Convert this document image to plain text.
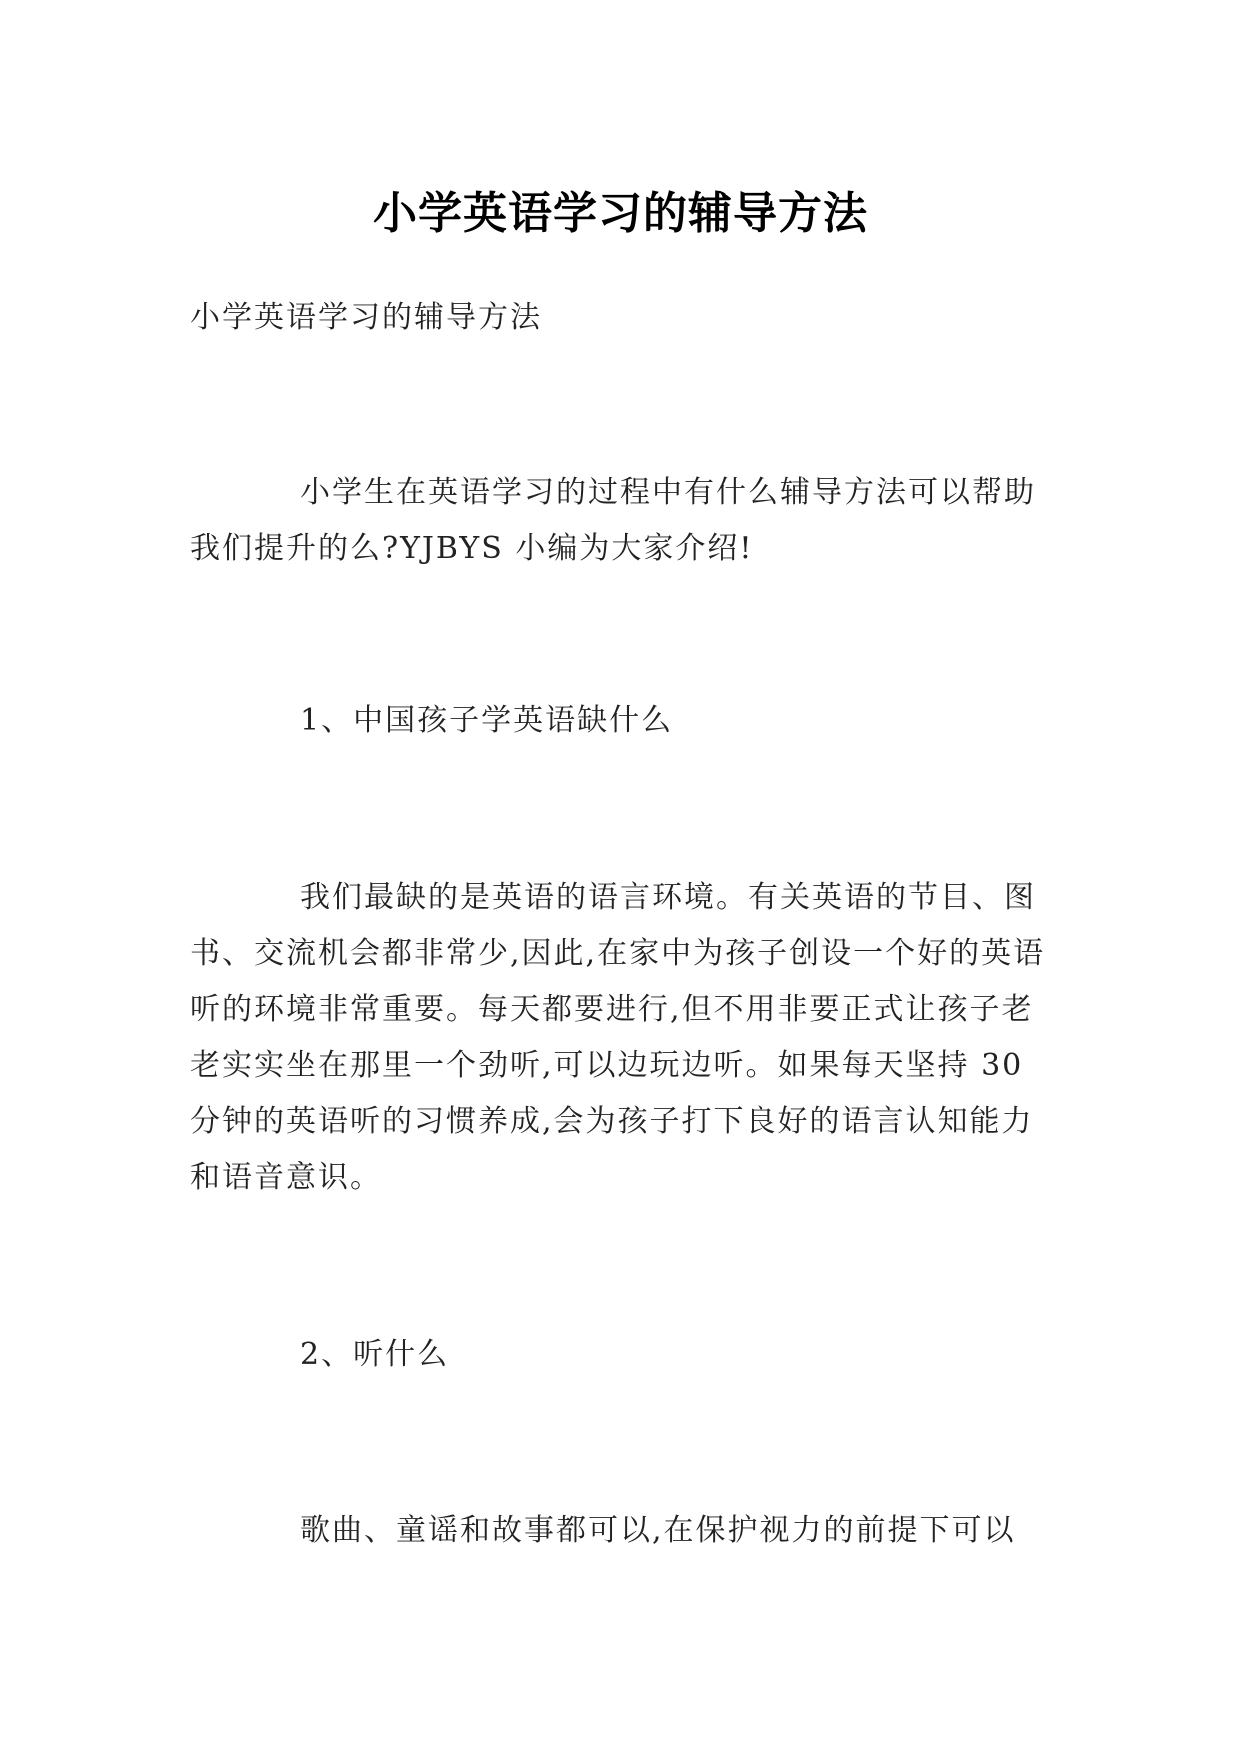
小学英语学习的辅导方法

小学英语学习的辅导方法

小学生在英语学习的过程中有什么辅导方法可以帮助我们提升的么?YJBYS 小编为大家介绍!

1、中国孩子学英语缺什么

我们最缺的是英语的语言环境。有关英语的节目、图书、交流机会都非常少,因此,在家中为孩子创设一个好的英语听的环境非常重要。每天都要进行,但不用非要正式让孩子老老实实坐在那里一个劲听,可以边玩边听。如果每天坚持 30 分钟的英语听的习惯养成,会为孩子打下良好的语言认知能力和语音意识。

2、听什么

歌曲、童谣和故事都可以,在保护视力的前提下可以
